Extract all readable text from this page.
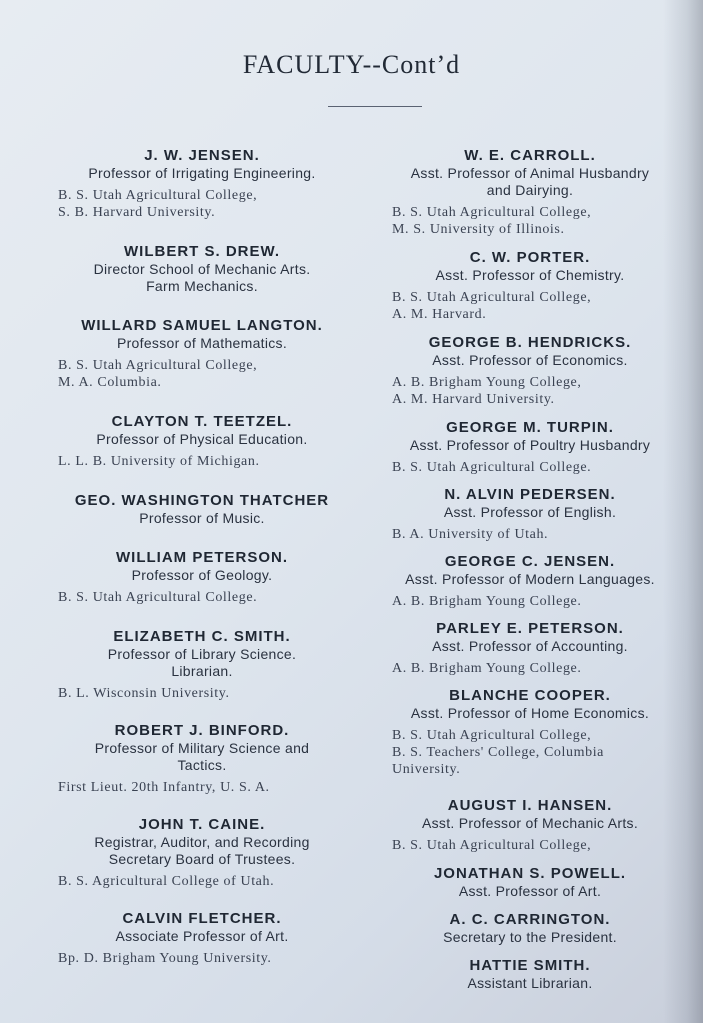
FACULTY--Cont’d
J. W. JENSEN.
Professor of Irrigating Engineering.
B. S. Utah Agricultural College,
S. B. Harvard University.
WILBERT S. DREW.
Director School of Mechanic Arts.
Farm Mechanics.
WILLARD SAMUEL LANGTON.
Professor of Mathematics.
B. S. Utah Agricultural College,
M. A. Columbia.
CLAYTON T. TEETZEL.
Professor of Physical Education.
L. L. B. University of Michigan.
GEO. WASHINGTON THATCHER
Professor of Music.
WILLIAM PETERSON.
Professor of Geology.
B. S. Utah Agricultural College.
ELIZABETH C. SMITH.
Professor of Library Science.
Librarian.
B. L. Wisconsin University.
ROBERT J. BINFORD.
Professor of Military Science and
Tactics.
First Lieut. 20th Infantry, U. S. A.
JOHN T. CAINE.
Registrar, Auditor, and Recording
Secretary Board of Trustees.
B. S. Agricultural College of Utah.
CALVIN FLETCHER.
Associate Professor of Art.
Bp. D. Brigham Young University.
W. E. CARROLL.
Asst. Professor of Animal Husbandry
and Dairying.
B. S. Utah Agricultural College,
M. S. University of Illinois.
C. W. PORTER.
Asst. Professor of Chemistry.
B. S. Utah Agricultural College,
A. M. Harvard.
GEORGE B. HENDRICKS.
Asst. Professor of Economics.
A. B. Brigham Young College,
A. M. Harvard University.
GEORGE M. TURPIN.
Asst. Professor of Poultry Husbandry
B. S. Utah Agricultural College.
N. ALVIN PEDERSEN.
Asst. Professor of English.
B. A. University of Utah.
GEORGE C. JENSEN.
Asst. Professor of Modern Languages.
A. B. Brigham Young College.
PARLEY E. PETERSON.
Asst. Professor of Accounting.
A. B. Brigham Young College.
BLANCHE COOPER.
Asst. Professor of Home Economics.
B. S. Utah Agricultural College,
B. S. Teachers' College, Columbia
University.
AUGUST I. HANSEN.
Asst. Professor of Mechanic Arts.
B. S. Utah Agricultural College,
JONATHAN S. POWELL.
Asst. Professor of Art.
A. C. CARRINGTON.
Secretary to the President.
HATTIE SMITH.
Assistant Librarian.
